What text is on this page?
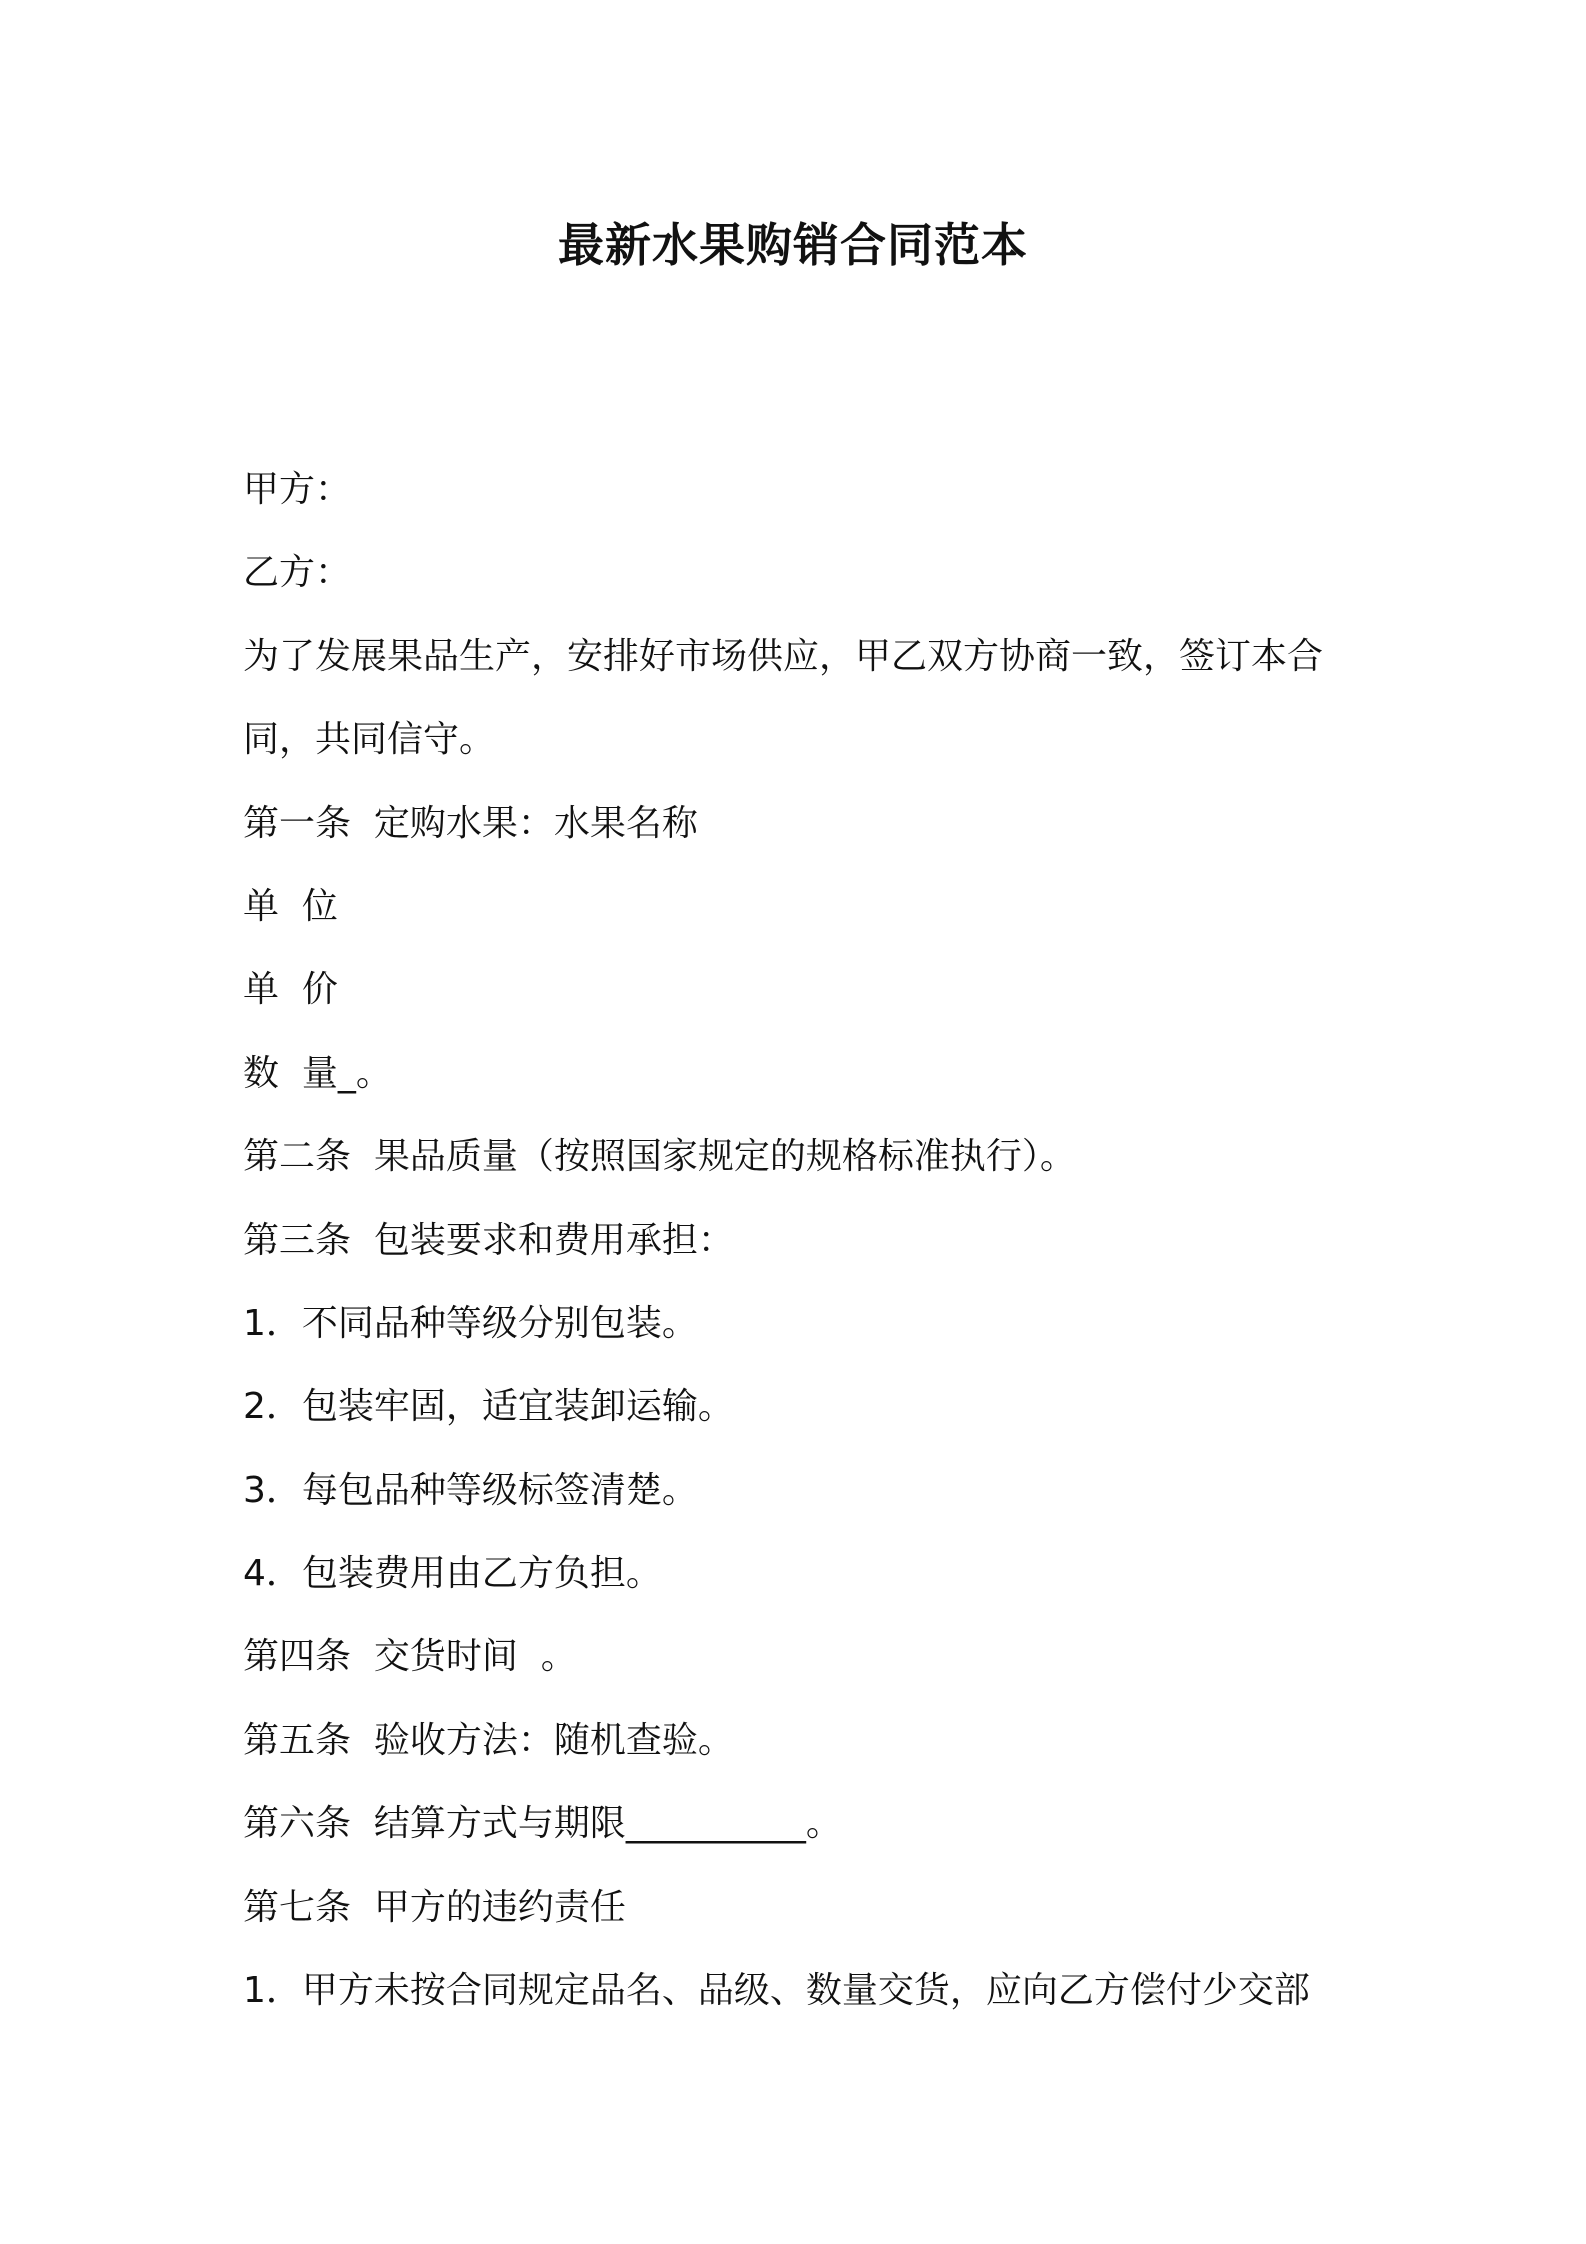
最新水果购销合同范本

甲方：

乙方：

为了发展果品生产，安排好市场供应，甲乙双方协商一致，签订本合

同，共同信守。

第一条  定购水果：水果名称

单  位

单  价

数  量_。

第二条  果品质量（按照国家规定的规格标准执行）。

第三条  包装要求和费用承担：

1．不同品种等级分别包装。

2．包装牢固，适宜装卸运输。

3．每包品种等级标签清楚。

4．包装费用由乙方负担。

第四条  交货时间  。

第五条  验收方法：随机查验。

第六条  结算方式与期限__________。

第七条  甲方的违约责任

1．甲方未按合同规定品名、品级、数量交货，应向乙方偿付少交部
